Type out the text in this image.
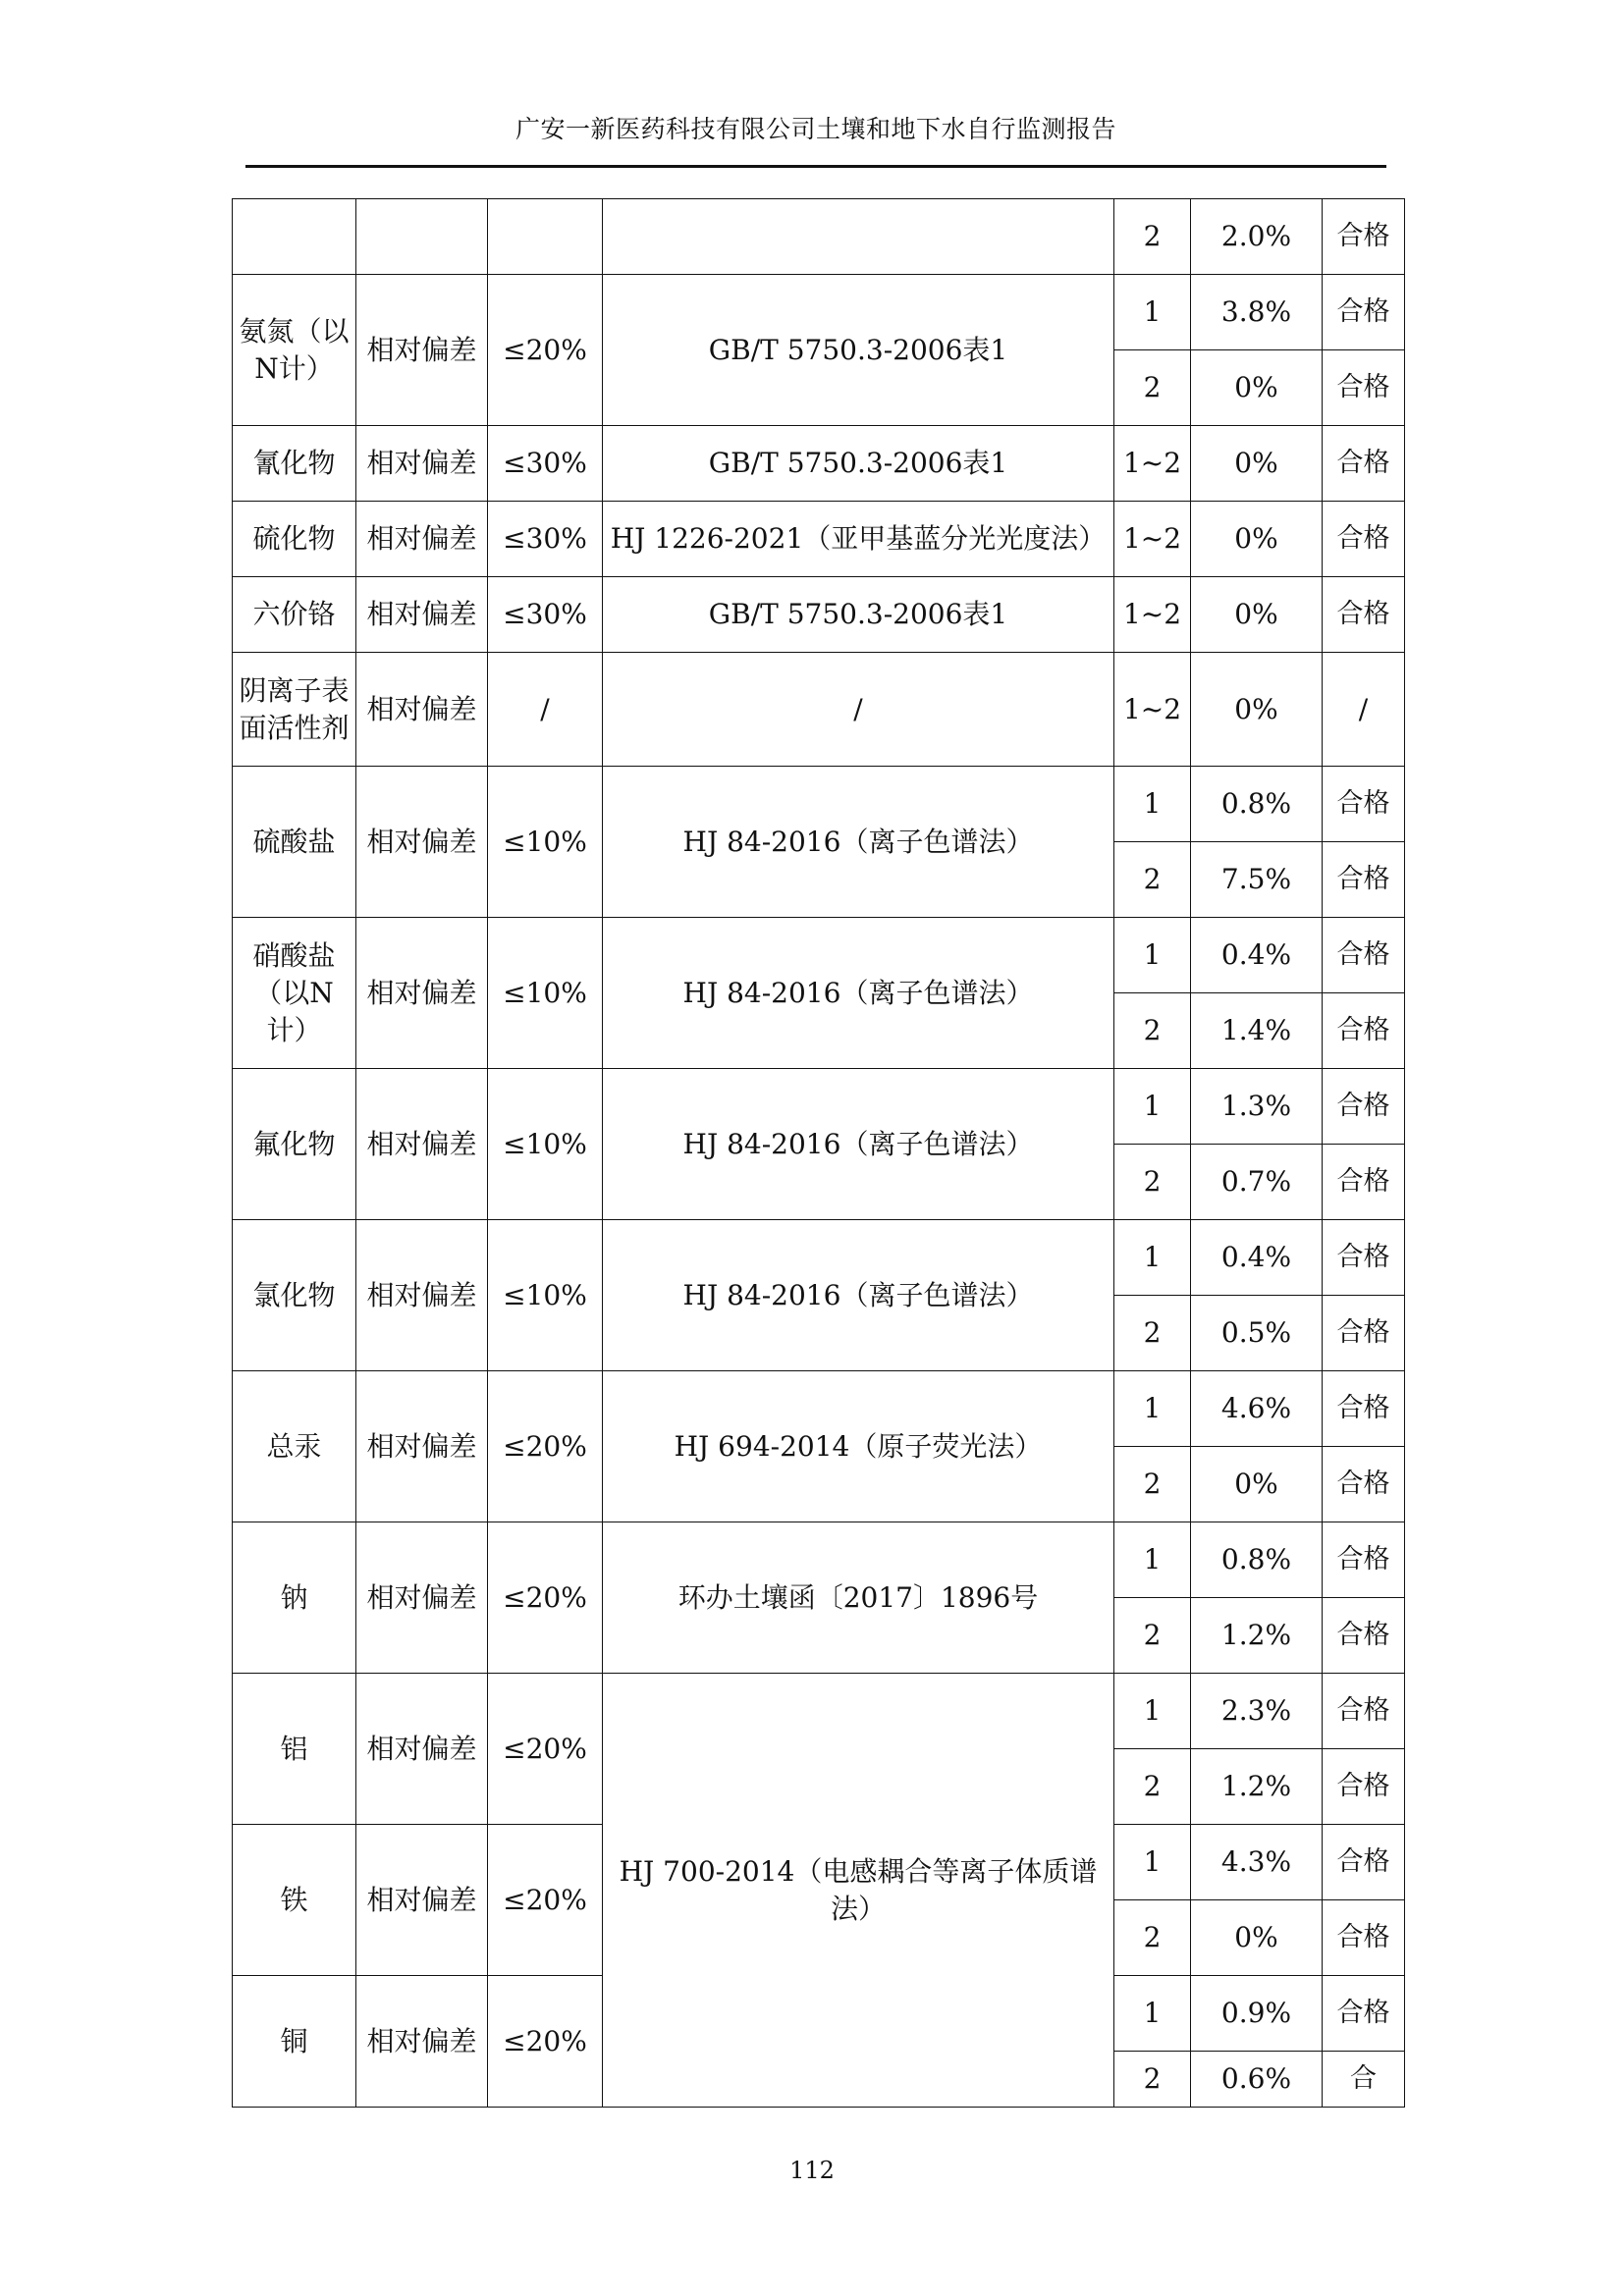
广安一新医药科技有限公司土壤和地下水自行监测报告
				2	2.0%	合格
氨氮（以N计）	相对偏差	≤20%	GB/T 5750.3-2006表1	1	3.8%	合格
				2	0%	合格
氰化物	相对偏差	≤30%	GB/T 5750.3-2006表1	1~2	0%	合格
硫化物	相对偏差	≤30%	HJ 1226-2021（亚甲基蓝分光光度法）	1~2	0%	合格
六价铬	相对偏差	≤30%	GB/T 5750.3-2006表1	1~2	0%	合格
阴离子表面活性剂	相对偏差	/	/	1~2	0%	/
硫酸盐	相对偏差	≤10%	HJ 84-2016（离子色谱法）	1	0.8%	合格
				2	7.5%	合格
硝酸盐（以N计）	相对偏差	≤10%	HJ 84-2016（离子色谱法）	1	0.4%	合格
				2	1.4%	合格
氟化物	相对偏差	≤10%	HJ 84-2016（离子色谱法）	1	1.3%	合格
				2	0.7%	合格
氯化物	相对偏差	≤10%	HJ 84-2016（离子色谱法）	1	0.4%	合格
				2	0.5%	合格
总汞	相对偏差	≤20%	HJ 694-2014（原子荧光法）	1	4.6%	合格
				2	0%	合格
钠	相对偏差	≤20%	环办土壤函〔2017〕1896号	1	0.8%	合格
				2	1.2%	合格
铝	相对偏差	≤20%	HJ 700-2014（电感耦合等离子体质谱法）	1	2.3%	合格
				2	1.2%	合格
铁	相对偏差	≤20%		1	4.3%	合格
				2	0%	合格
铜	相对偏差	≤20%		1	0.9%	合格
				2	0.6%	合
112
